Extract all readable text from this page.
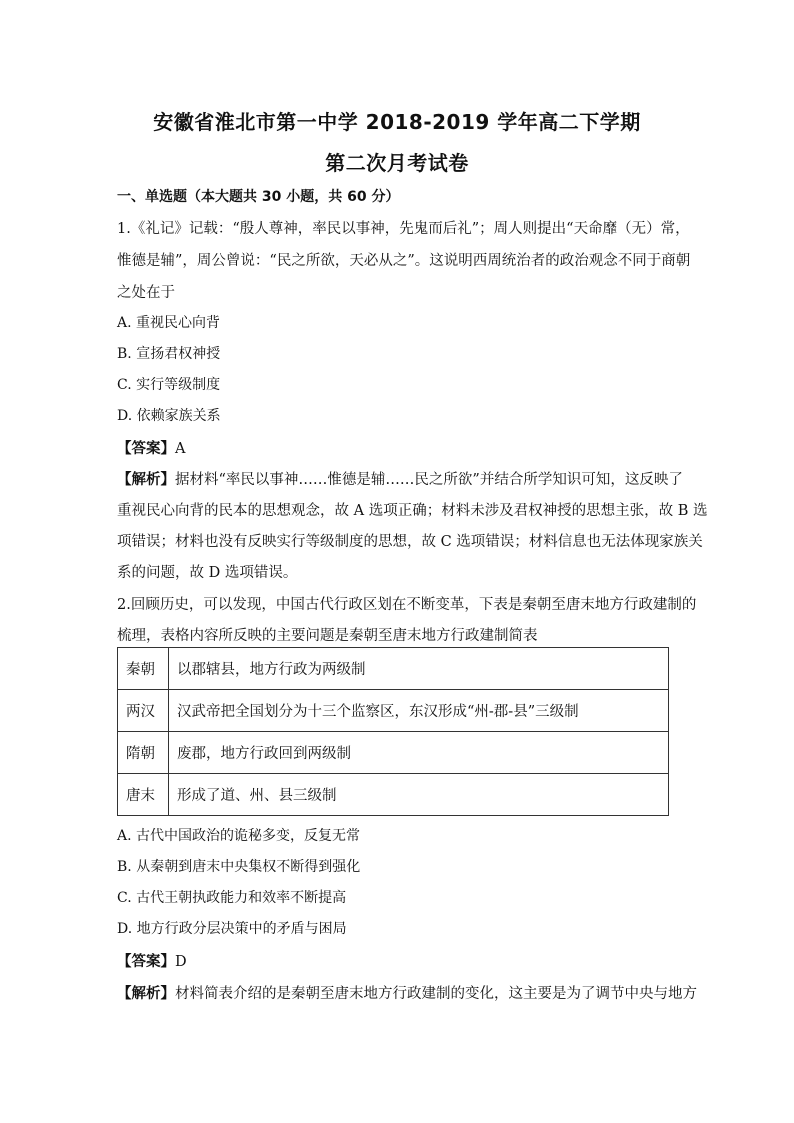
安徽省淮北市第一中学 2018-2019 学年高二下学期
第二次月考试卷
一、单选题（本大题共 30 小题，共 60 分）
1.《礼记》记载：“殷人尊神，率民以事神，先鬼而后礼”；周人则提出“天命靡（无）常，
惟德是辅”，周公曾说：“民之所欲，天必从之”。这说明西周统治者的政治观念不同于商朝
之处在于
A. 重视民心向背
B. 宣扬君权神授
C. 实行等级制度
D. 依赖家族关系
【答案】A
【解析】据材料“率民以事神……惟德是辅……民之所欲”并结合所学知识可知，这反映了
重视民心向背的民本的思想观念，故 A 选项正确；材料未涉及君权神授的思想主张，故 B 选
项错误；材料也没有反映实行等级制度的思想，故 C 选项错误；材料信息也无法体现家族关
系的问题，故 D 选项错误。
2.回顾历史，可以发现，中国古代行政区划在不断变革，下表是秦朝至唐末地方行政建制的
梳理，表格内容所反映的主要问题是秦朝至唐末地方行政建制简表
秦朝	以郡辖县，地方行政为两级制
两汉	汉武帝把全国划分为十三个监察区，东汉形成“州-郡-县”三级制
隋朝	废郡，地方行政回到两级制
唐末	形成了道、州、县三级制
A. 古代中国政治的诡秘多变，反复无常
B. 从秦朝到唐末中央集权不断得到强化
C. 古代王朝执政能力和效率不断提高
D. 地方行政分层决策中的矛盾与困局
【答案】D
【解析】材料简表介绍的是秦朝至唐末地方行政建制的变化，这主要是为了调节中央与地方
